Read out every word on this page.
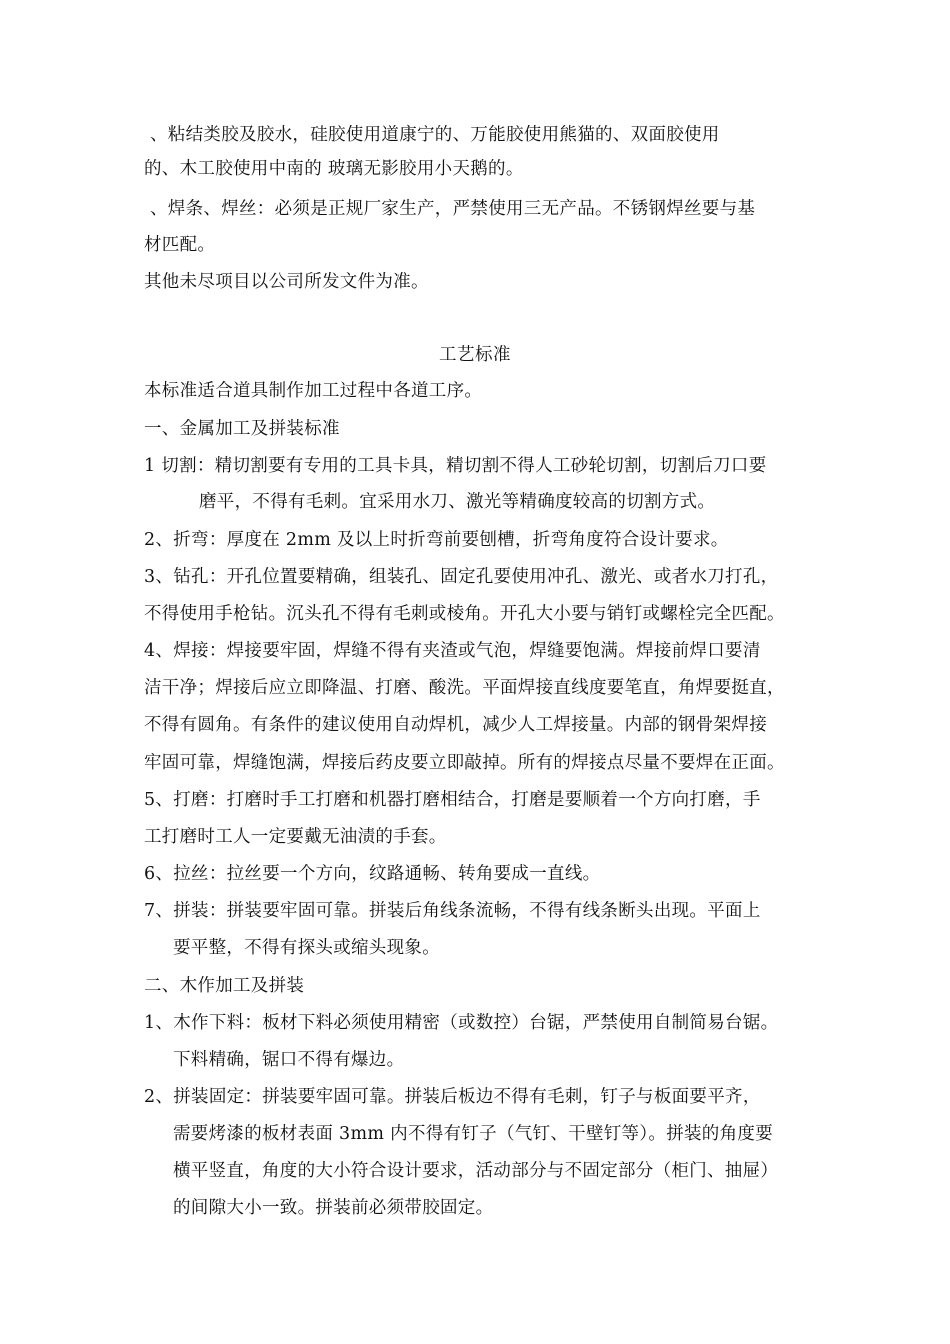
、粘结类胶及胶水，硅胶使用道康宁的、万能胶使用熊猫的、双面胶使用
的、木工胶使用中南的 玻璃无影胶用小天鹅的。
、焊条、焊丝：必须是正规厂家生产，严禁使用三无产品。不锈钢焊丝要与基
材匹配。
其他未尽项目以公司所发文件为准。
工艺标准
本标准适合道具制作加工过程中各道工序。
一、金属加工及拼装标准
1 切割：精切割要有专用的工具卡具，精切割不得人工砂轮切割，切割后刀口要
磨平，不得有毛刺。宜采用水刀、激光等精确度较高的切割方式。
2、折弯：厚度在 2mm 及以上时折弯前要刨槽，折弯角度符合设计要求。
3、钻孔：开孔位置要精确，组装孔、固定孔要使用冲孔、激光、或者水刀打孔，
不得使用手枪钻。沉头孔不得有毛刺或棱角。开孔大小要与销钉或螺栓完全匹配。
4、焊接：焊接要牢固，焊缝不得有夹渣或气泡，焊缝要饱满。焊接前焊口要清
洁干净；焊接后应立即降温、打磨、酸洗。平面焊接直线度要笔直，角焊要挺直，
不得有圆角。有条件的建议使用自动焊机，减少人工焊接量。内部的钢骨架焊接
牢固可靠，焊缝饱满，焊接后药皮要立即敲掉。所有的焊接点尽量不要焊在正面。
5、打磨：打磨时手工打磨和机器打磨相结合，打磨是要顺着一个方向打磨，手
工打磨时工人一定要戴无油渍的手套。
6、拉丝：拉丝要一个方向，纹路通畅、转角要成一直线。
7、拼装：拼装要牢固可靠。拼装后角线条流畅，不得有线条断头出现。平面上
要平整，不得有探头或缩头现象。
二、木作加工及拼装
1、木作下料：板材下料必须使用精密（或数控）台锯，严禁使用自制简易台锯。
下料精确，锯口不得有爆边。
2、拼装固定：拼装要牢固可靠。拼装后板边不得有毛刺，钉子与板面要平齐，
需要烤漆的板材表面 3mm 内不得有钉子（气钉、干壁钉等）。拼装的角度要
横平竖直，角度的大小符合设计要求，活动部分与不固定部分（柜门、抽屉）
的间隙大小一致。拼装前必须带胶固定。
